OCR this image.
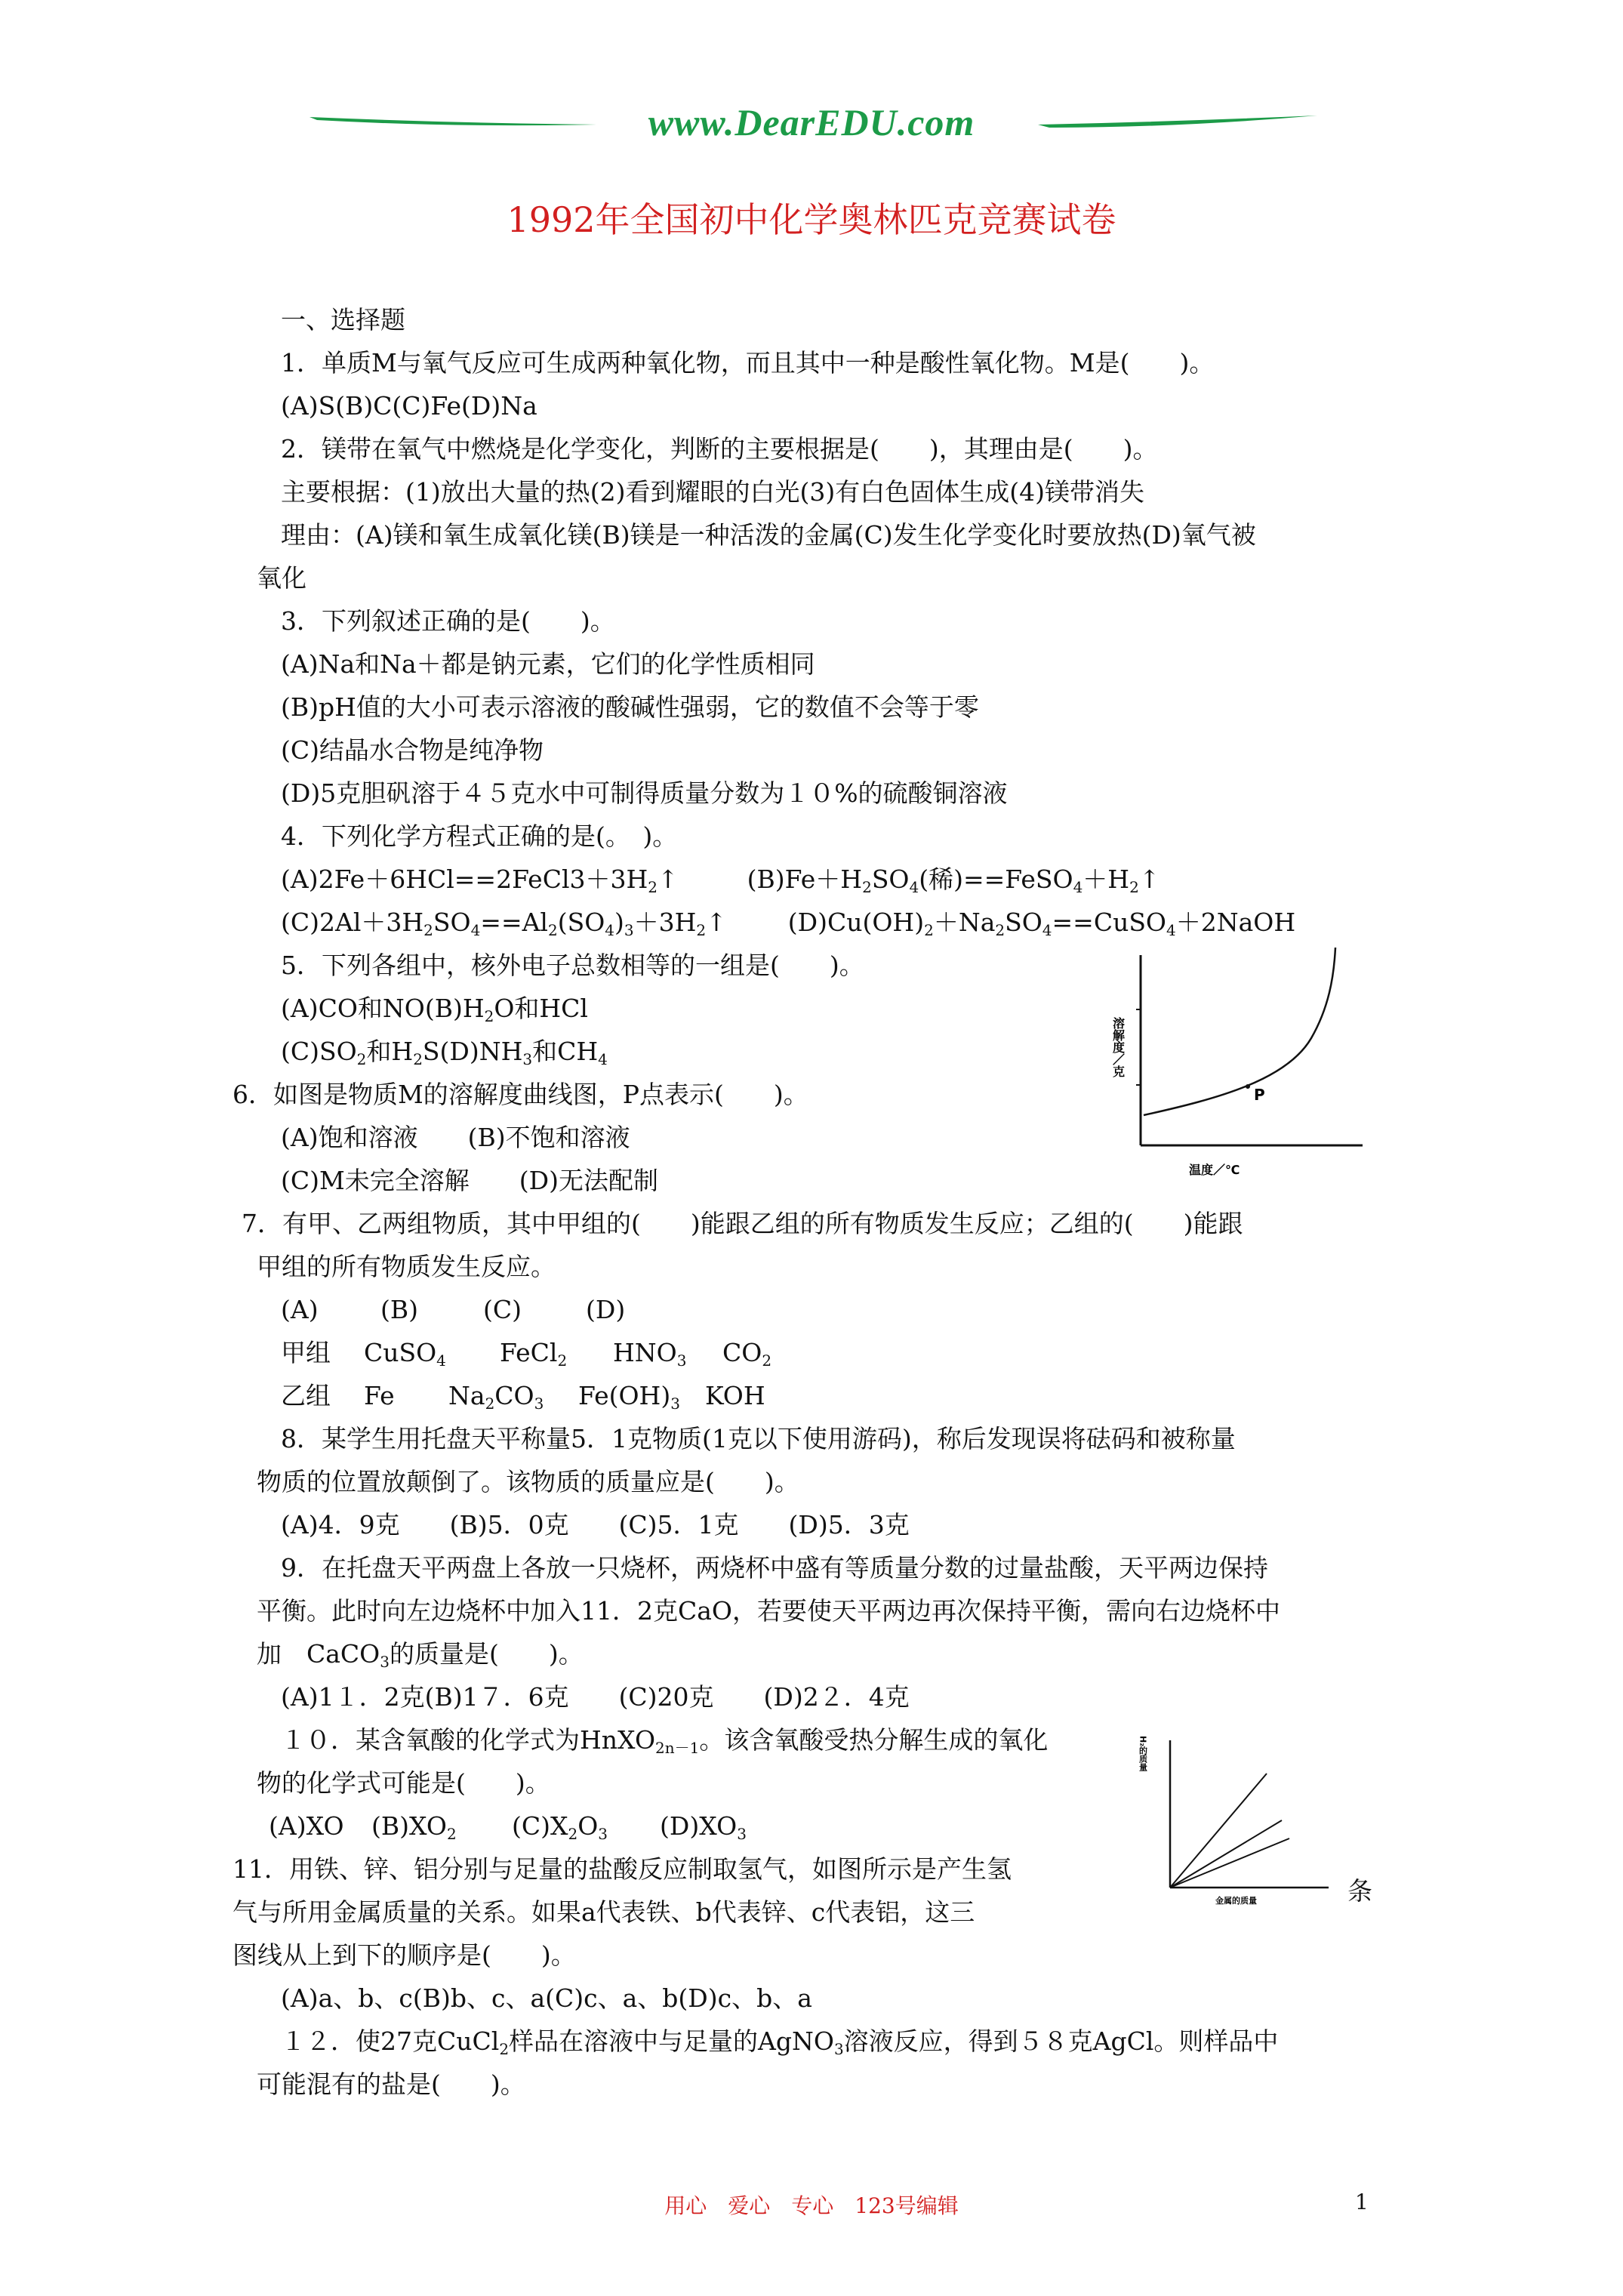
www.DearEDU.com
1992年全国初中化学奥林匹克竞赛试卷
一、选择题
1．单质M与氧气反应可生成两种氧化物，而且其中一种是酸性氧化物。M是(　　)。
(A)S(B)C(C)Fe(D)Na
2．镁带在氧气中燃烧是化学变化，判断的主要根据是(　　)，其理由是(　　)。
主要根据：(1)放出大量的热(2)看到耀眼的白光(3)有白色固体生成(4)镁带消失
理由：(A)镁和氧生成氧化镁(B)镁是一种活泼的金属(C)发生化学变化时要放热(D)氧气被
氧化
3．下列叙述正确的是(　　)。
(A)Na和Na＋都是钠元素，它们的化学性质相同
(B)pH值的大小可表示溶液的酸碱性强弱，它的数值不会等于零
(C)结晶水合物是纯净物
(D)5克胆矾溶于４５克水中可制得质量分数为１０%的硫酸铜溶液
4．下列化学方程式正确的是(。　)。
$(A)2Fe+6HCl==2FeCl3+3H_2↑$	$(B)Fe+H_2SO_4$(稀)$==FeSO_4+H_2↑$
$(C)2Al+3H_2SO_4==Al_2(SO_4)_3+3H_2↑$ $(D)Cu(OH)_2+Na_2SO_4==CuSO_4+2NaOH$
5．下列各组中，核外电子总数相等的一组是(　　)。
(A)CO和$NO(B)H_2O$和HCl
$(C)SO_2$和$H_2S(D)NH_3$和$CH_4$
6．如图是物质M的溶解度曲线图，P点表示(　　)。
(A)饱和溶液　　(B)不饱和溶液
(C)M未完全溶解　　(D)无法配制
7．有甲、乙两组物质，其中甲组的(　　)能跟乙组的所有物质发生反应；乙组的(　　)能跟
甲组的所有物质发生反应。
(A) (B)	(C)	(D)
甲组 CuSO$_4$ FeCl$_2$ $HNO_3$ $CO_2$
乙组 Fe $Na_2CO_3$ $Fe(OH)_3$ KOH
8．某学生用托盘天平称量5．1克物质(1克以下使用游码)，称后发现误将砝码和被称量
物质的位置放颠倒了。该物质的质量应是(　　)。
(A)4．9克　　(B)5．0克　　(C)5．1克　　(D)5．3克
9．在托盘天平两盘上各放一只烧杯，两烧杯中盛有等质量分数的过量盐酸，天平两边保持
平衡。此时向左边烧杯中加入11．2克CaO，若要使天平两边再次保持平衡，需向右边烧杯中
加　CaCO$_3$的质量是(　　)。
(A)1１．2克(B)1７．6克　　(C)20克　　(D)2２．4克
１０．某含氧酸的化学式为HnXO$_{2n-1}$。该含氧酸受热分解生成的氧化
物的化学式可能是(　　)。
(A)XO $(B)XO_2$ $(C)X_2O_3$ $(D)XO_3$
11．用铁、锌、铝分别与足量的盐酸反应制取氢气，如图所示是产生氢
气与所用金属质量的关系。如果a代表铁、b代表锌、c代表铝，这三
图线从上到下的顺序是(　　)。
(A)a、b、c(B)b、c、a(C)c、a、b(D)c、b、a
１２．使27克CuCl$_2$样品在溶液中与足量的AgNO$_3$溶液反应，得到５８克AgCl。则样品中
可能混有的盐是(　　)。
P
溶解度／克
温度／℃
H₂的质量
金属的质量	条
用心　爱心　专心　123号编辑	1
